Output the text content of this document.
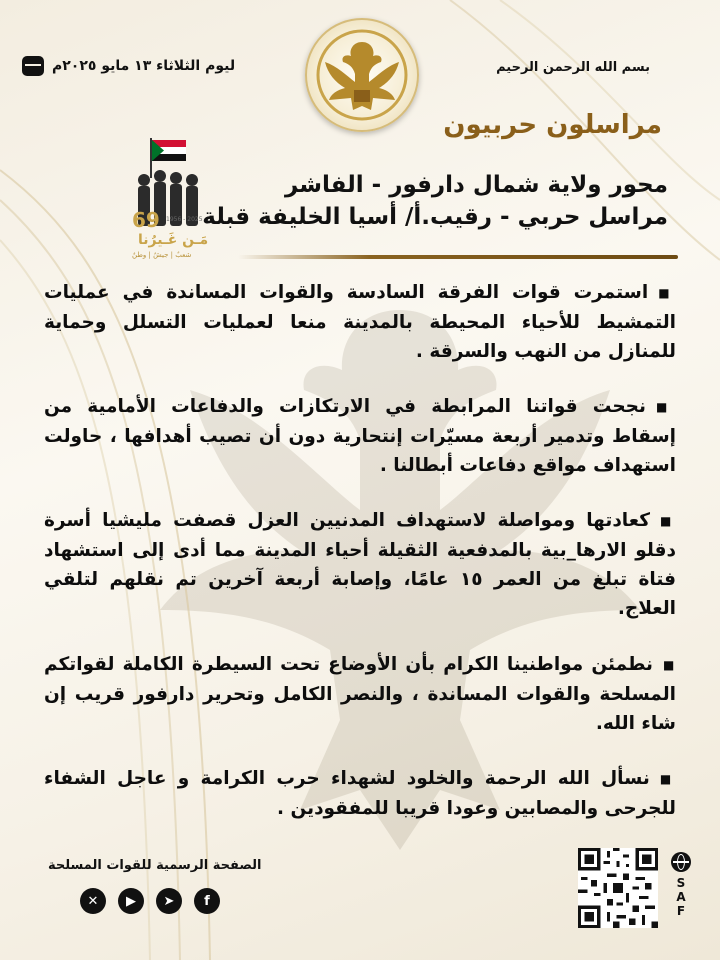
بسم الله الرحمن الرحيم
ليوم الثلاثاء ١٣ مايو ٢٠٢٥م
مراسلون حربيون
69 1956 - 2025
مَـن غَـيرُنا
شعبٌ | جيشٌ | وطنٌ
محور ولاية شمال دارفور - الفاشر
مراسل حربي - رقيب.أ/ أسيا الخليفة قبلة
■استمرت قوات الفرقة السادسة والقوات المساندة في عمليات التمشيط للأحياء المحيطة بالمدينة منعا لعمليات التسلل وحماية للمنازل من النهب والسرقة .
■نجحت قواتنا المرابطة في الارتكازات والدفاعات الأمامية من إسقاط وتدمير أربعة مسيّرات إنتحارية دون أن تصيب أهدافها ، حاولت استهداف مواقع دفاعات أبطالنا .
■كعادتها ومواصلة لاستهداف المدنيين العزل قصفت مليشيا أسرة دقلو الارها_بية بالمدفعية الثقيلة أحياء المدينة مما أدى إلى استشهاد فتاة تبلغ من العمر ١٥ عامًا، وإصابة أربعة آخرين تم نقلهم لتلقي العلاج.
■نطمئن مواطنينا الكرام بأن الأوضاع تحت السيطرة الكاملة لقواتكم المسلحة والقوات المساندة ، والنصر الكامل وتحرير دارفور قريب إن شاء الله.
■نسأل الله الرحمة والخلود لشهداء حرب الكرامة و عاجل الشفاء للجرحى والمصابين وعودا قريبا للمفقودين .
الصفحة الرسمية للقوات المسلحة
✕	▶	➤	f
S
A
F
